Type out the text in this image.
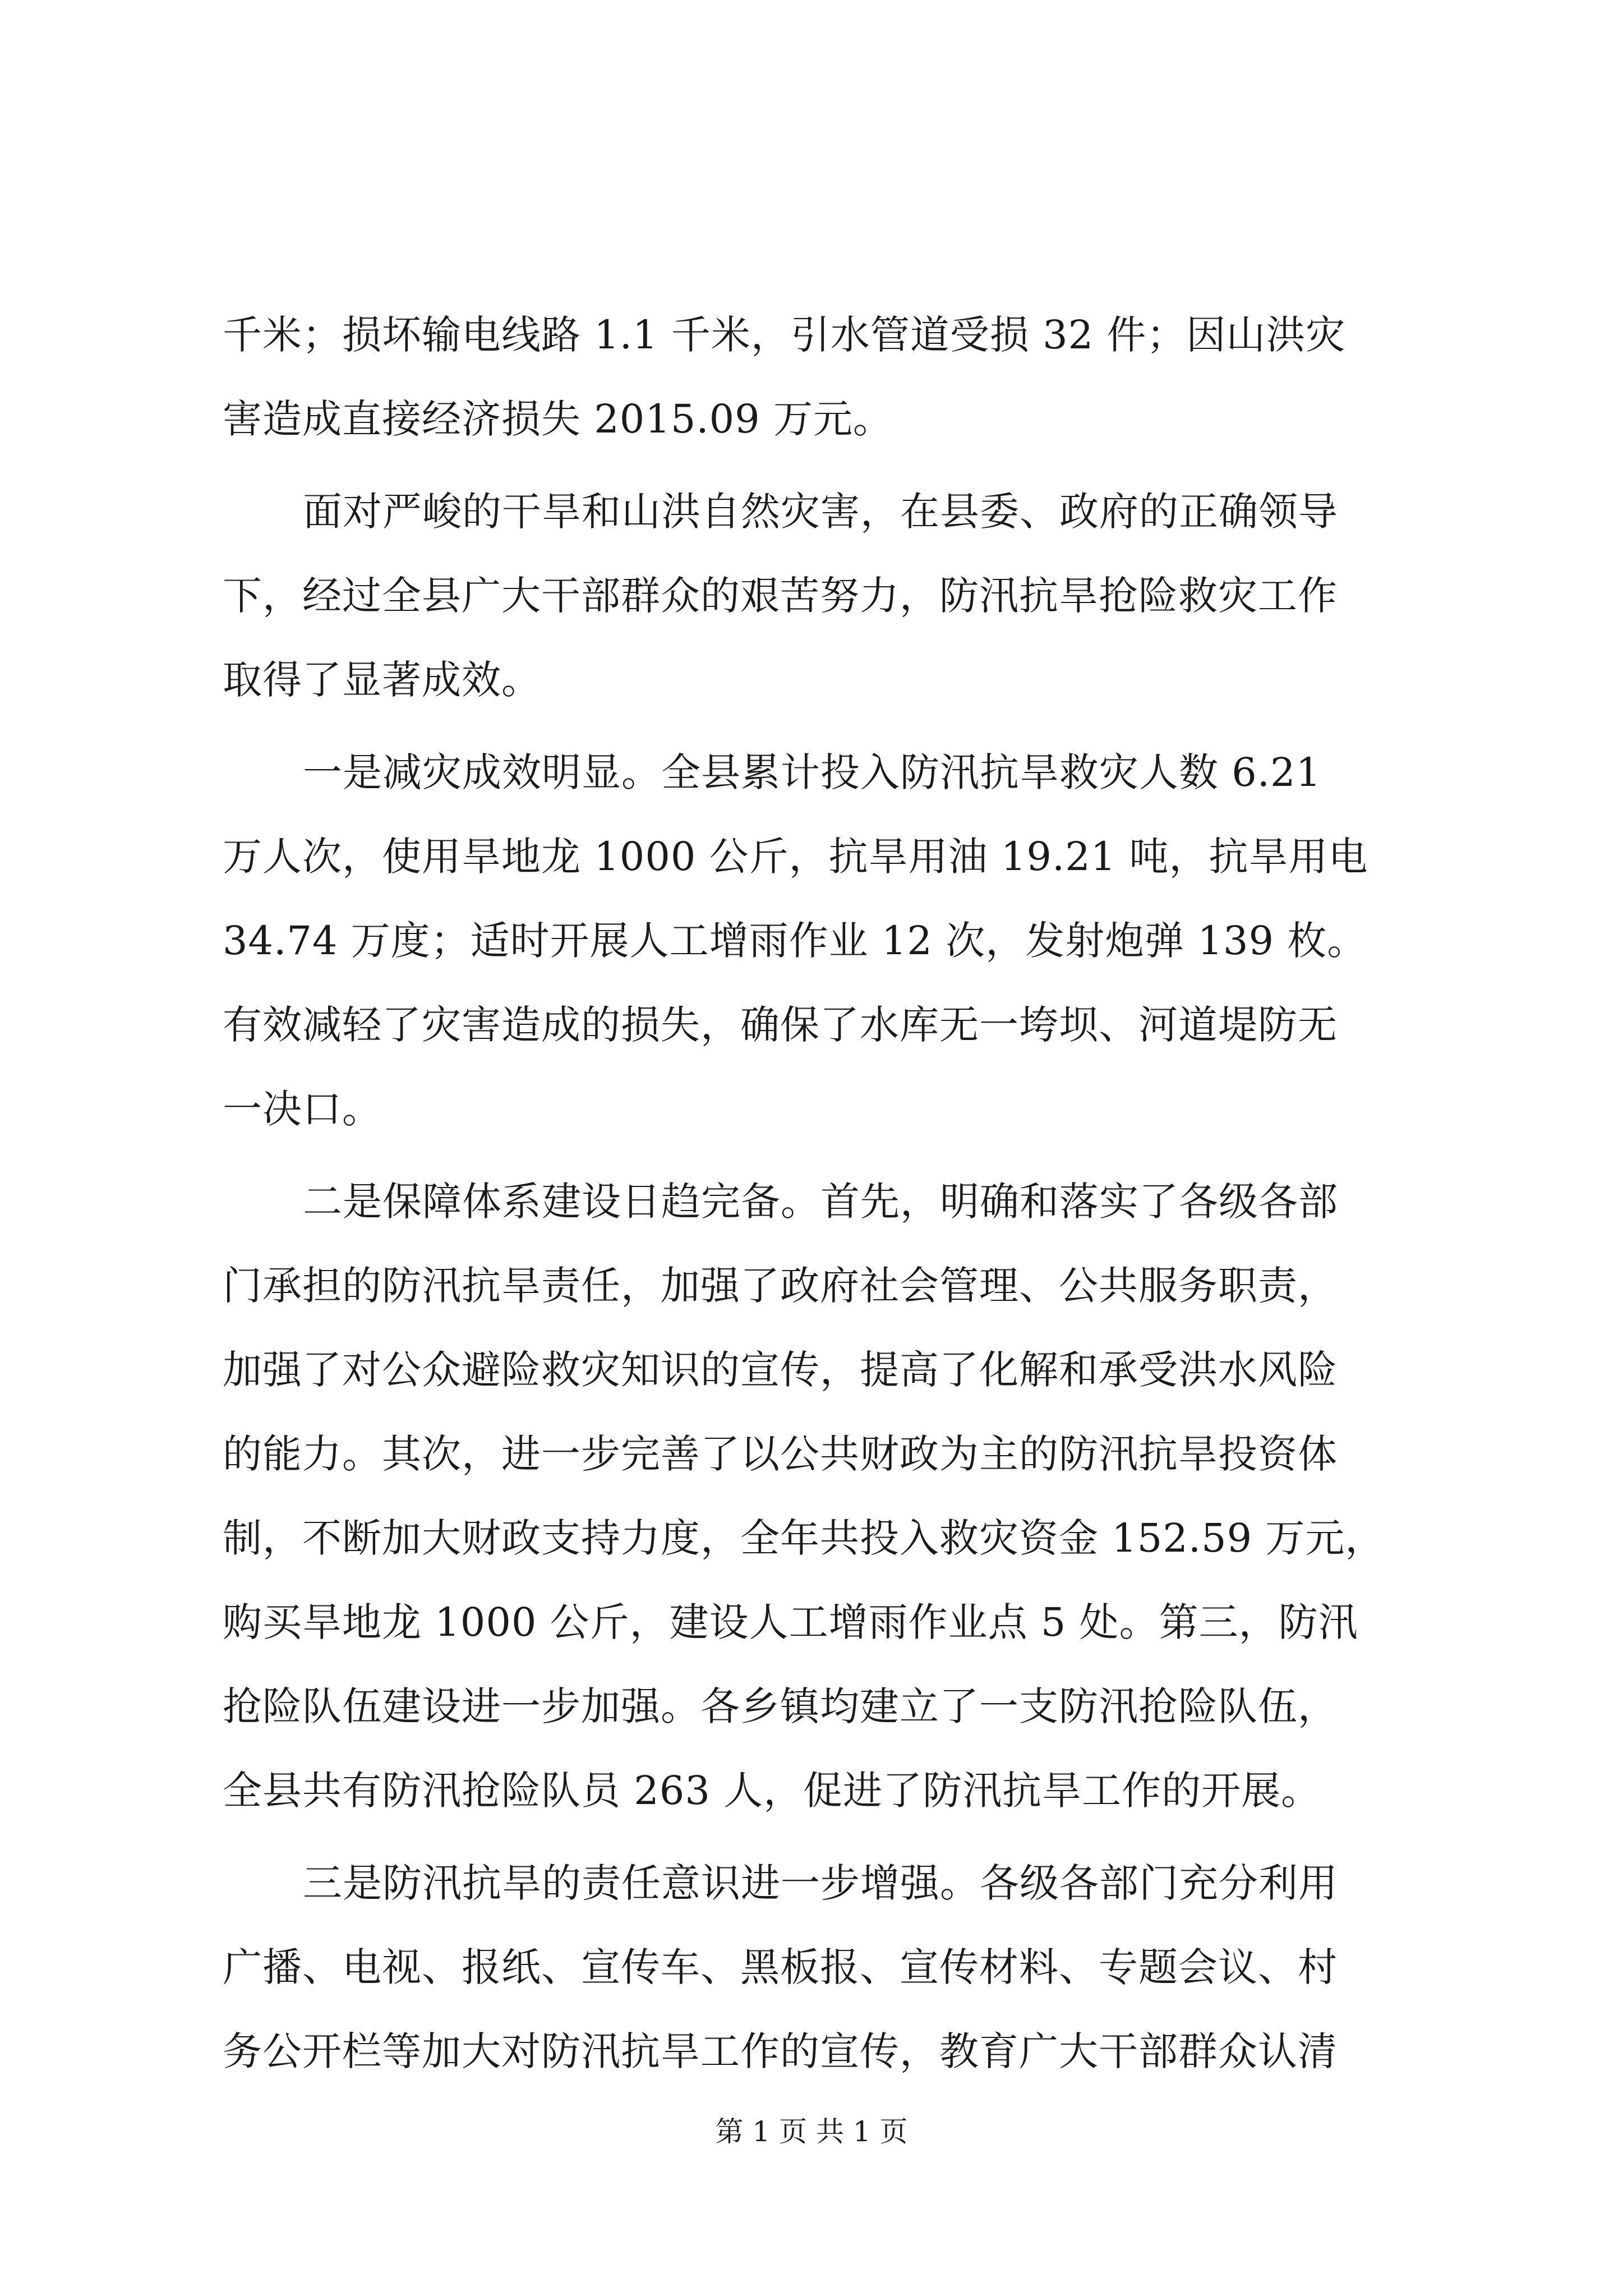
千米；损坏输电线路 1.1 千米，引水管道受损 32 件；因山洪灾
害造成直接经济损失 2015.09 万元。
面对严峻的干旱和山洪自然灾害，在县委、政府的正确领导
下，经过全县广大干部群众的艰苦努力，防汛抗旱抢险救灾工作
取得了显著成效。
一是减灾成效明显。全县累计投入防汛抗旱救灾人数 6.21
万人次，使用旱地龙 1000 公斤，抗旱用油 19.21 吨，抗旱用电
34.74 万度；适时开展人工增雨作业 12 次，发射炮弹 139 枚。
有效减轻了灾害造成的损失，确保了水库无一垮坝、河道堤防无
一决口。
二是保障体系建设日趋完备。首先，明确和落实了各级各部
门承担的防汛抗旱责任，加强了政府社会管理、公共服务职责，
加强了对公众避险救灾知识的宣传，提高了化解和承受洪水风险
的能力。其次，进一步完善了以公共财政为主的防汛抗旱投资体
制，不断加大财政支持力度，全年共投入救灾资金 152.59 万元，
购买旱地龙 1000 公斤，建设人工增雨作业点 5 处。第三，防汛
抢险队伍建设进一步加强。各乡镇均建立了一支防汛抢险队伍，
全县共有防汛抢险队员 263 人，促进了防汛抗旱工作的开展。
三是防汛抗旱的责任意识进一步增强。各级各部门充分利用
广播、电视、报纸、宣传车、黑板报、宣传材料、专题会议、村
务公开栏等加大对防汛抗旱工作的宣传，教育广大干部群众认清
第 1 页 共 1 页
